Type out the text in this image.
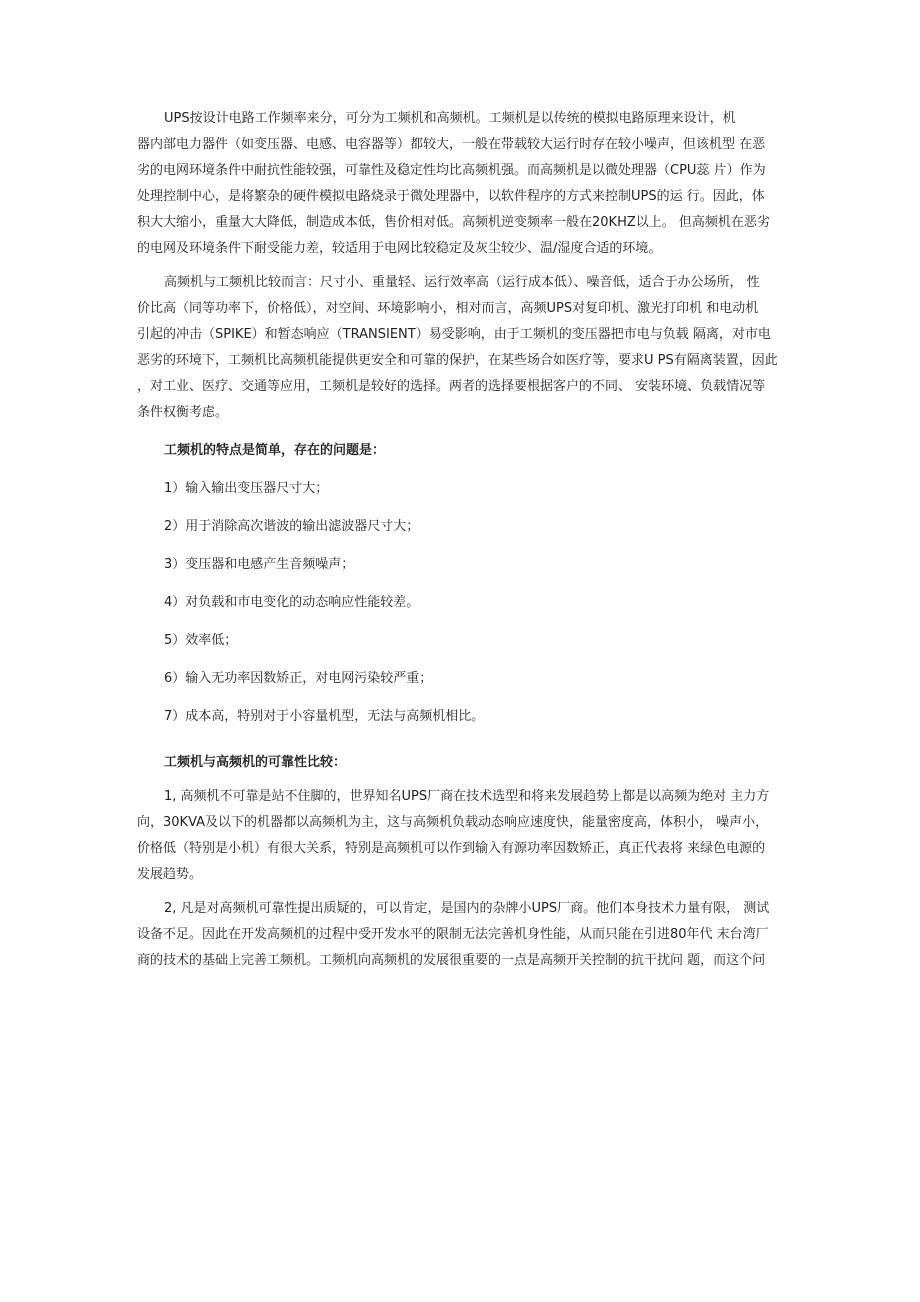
UPS按设计电路工作频率来分，可分为工频机和高频机。工频机是以传统的模拟电路原理来设计，机

器内部电力器件（如变压器、电感、电容器等）都较大，一般在带载较大运行时存在较小噪声，但该机型 在恶

劣的电网环境条件中耐抗性能较强，可靠性及稳定性均比高频机强。而高频机是以微处理器（CPU蕊 片）作为

处理控制中心，是将繁杂的硬件模拟电路烧录于微处理器中，以软件程序的方式来控制UPS的运 行。因此，体

积大大缩小，重量大大降低，制造成本低，售价相对低。高频机逆变频率一般在20KHZ以上。 但高频机在恶劣

的电网及环境条件下耐受能力差，较适用于电网比较稳定及灰尘较少、温/湿度合适的环境。

高频机与工频机比较而言：尺寸小、重量轻、运行效率高（运行成本低）、噪音低，适合于办公场所， 性

价比高（同等功率下，价格低），对空间、环境影响小，相对而言，高频UPS对复印机、激光打印机 和电动机

引起的冲击（SPIKE）和暂态响应（TRANSIENT）易受影响，由于工频机的变压器把市电与负载 隔离，对市电

恶劣的环境下，工频机比高频机能提供更安全和可靠的保护，在某些场合如医疗等，要求U PS有隔离装置，因此

，对工业、医疗、交通等应用，工频机是较好的选择。两者的选择要根据客户的不同、 安装环境、负载情况等

条件权衡考虑。

工频机的特点是简单，存在的问题是：

1）输入输出变压器尺寸大；

2）用于消除高次谐波的输出滤波器尺寸大；

3）变压器和电感产生音频噪声；

4）对负载和市电变化的动态响应性能较差。

5）效率低；

6）输入无功率因数矫正，对电网污染较严重；

7）成本高，特别对于小容量机型，无法与高频机相比。

工频机与高频机的可靠性比较：

1, 高频机不可靠是站不住脚的，世界知名UPS厂商在技术选型和将来发展趋势上都是以高频为绝对 主力方

向，30KVA及以下的机器都以高频机为主，这与高频机负载动态响应速度快，能量密度高，体积小， 噪声小，

价格低（特别是小机）有很大关系，特别是高频机可以作到输入有源功率因数矫正，真正代表将 来绿色电源的

发展趋势。

2, 凡是对高频机可靠性提出质疑的，可以肯定，是国内的杂牌小UPS厂商。他们本身技术力量有限， 测试

设备不足。因此在开发高频机的过程中受开发水平的限制无法完善机身性能，从而只能在引进80年代 末台湾厂

商的技术的基础上完善工频机。工频机向高频机的发展很重要的一点是高频开关控制的抗干扰问 题，而这个问
